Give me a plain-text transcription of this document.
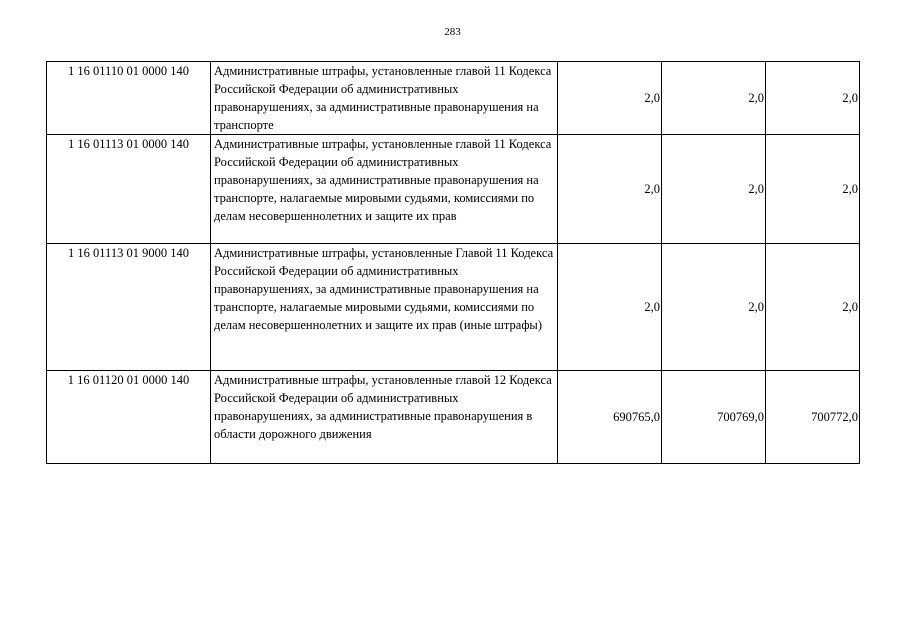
283
1 16 01110 01 0000 140	Административные штрафы, установленные главой 11 Кодекса Российской Федерации об административных правонарушениях, за административные правонарушения на транспорте	2,0	2,0	2,0
1 16 01113 01 0000 140	Административные штрафы, установленные главой 11 Кодекса Российской Федерации об административных правонарушениях, за административные правонарушения на транспорте, налагаемые мировыми судьями, комиссиями по делам несовершеннолетних и защите их прав	2,0	2,0	2,0
1 16 01113 01 9000 140	Административные штрафы, установленные Главой 11 Кодекса Российской Федерации об административных правонарушениях, за административные правонарушения на транспорте, налагаемые мировыми судьями, комиссиями по делам несовершеннолетних и защите их прав (иные штрафы)	2,0	2,0	2,0
1 16 01120 01 0000 140	Административные штрафы, установленные главой 12 Кодекса Российской Федерации об административных правонарушениях, за административные правонарушения в области дорожного движения	690765,0	700769,0	700772,0
